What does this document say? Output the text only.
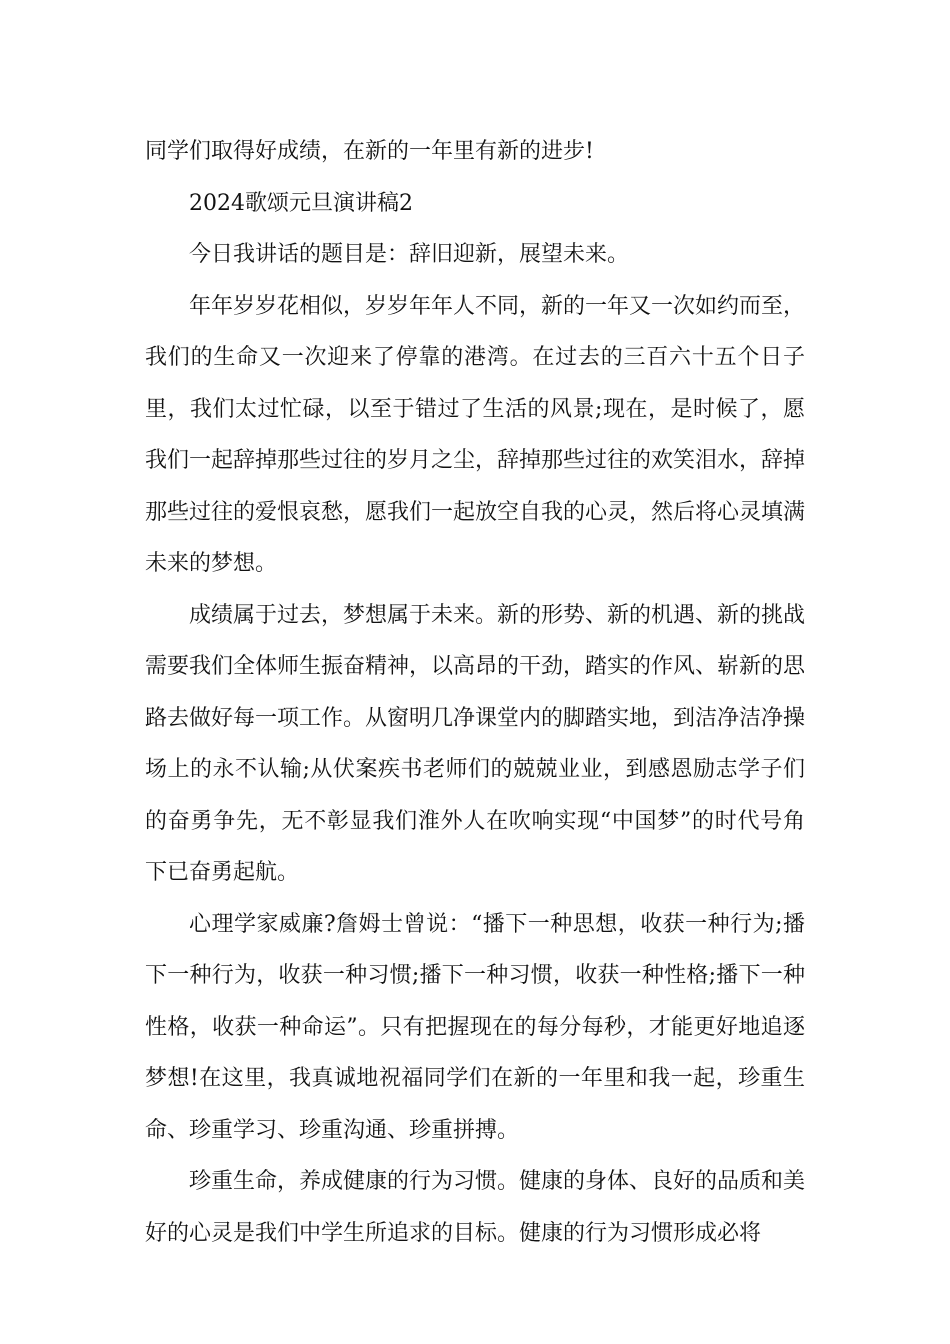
同学们取得好成绩，在新的一年里有新的进步!

2024歌颂元旦演讲稿2

今日我讲话的题目是：辞旧迎新，展望未来。

年年岁岁花相似，岁岁年年人不同，新的一年又一次如约而至，我们的生命又一次迎来了停靠的港湾。在过去的三百六十五个日子里，我们太过忙碌，以至于错过了生活的风景;现在，是时候了，愿我们一起辞掉那些过往的岁月之尘，辞掉那些过往的欢笑泪水，辞掉那些过往的爱恨哀愁，愿我们一起放空自我的心灵，然后将心灵填满未来的梦想。

成绩属于过去，梦想属于未来。新的形势、新的机遇、新的挑战需要我们全体师生振奋精神，以高昂的干劲，踏实的作风、崭新的思路去做好每一项工作。从窗明几净课堂内的脚踏实地，到洁净洁净操场上的永不认输;从伏案疾书老师们的兢兢业业，到感恩励志学子们的奋勇争先，无不彰显我们淮外人在吹响实现“中国梦”的时代号角下已奋勇起航。

心理学家威廉?詹姆士曾说：“播下一种思想，收获一种行为;播下一种行为，收获一种习惯;播下一种习惯，收获一种性格;播下一种性格，收获一种命运”。只有把握现在的每分每秒，才能更好地追逐梦想!在这里，我真诚地祝福同学们在新的一年里和我一起，珍重生命、珍重学习、珍重沟通、珍重拼搏。

珍重生命，养成健康的行为习惯。健康的身体、良好的品质和美好的心灵是我们中学生所追求的目标。健康的行为习惯形成必将
